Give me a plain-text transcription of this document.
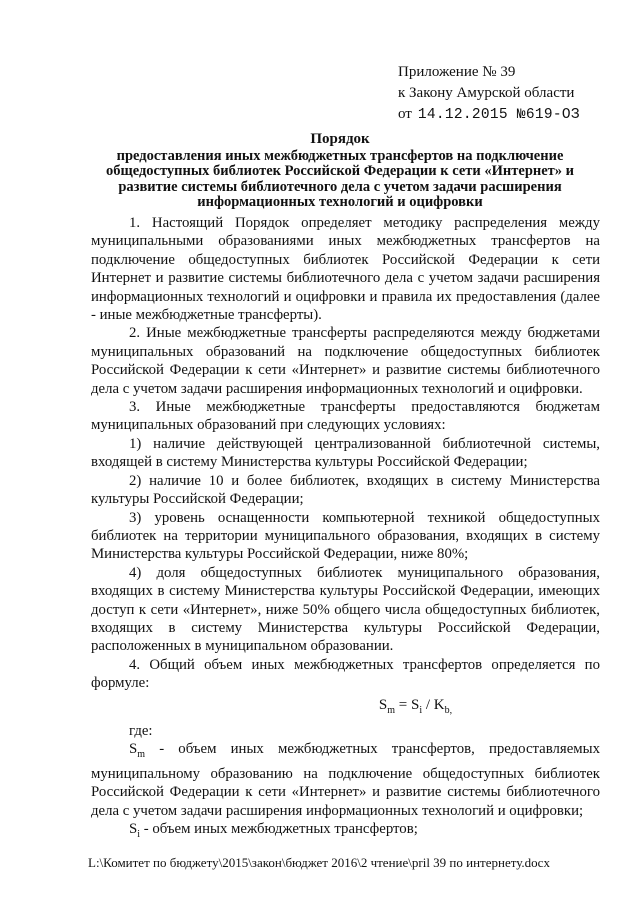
Приложение № 39
к Закону Амурской области
от 14.12.2015 №619-ОЗ
Порядок
предоставления иных межбюджетных трансфертов на подключение
общедоступных библиотек Российской Федерации к сети «Интернет» и
развитие системы библиотечного дела с учетом задачи расширения
информационных технологий и оцифровки

1. Настоящий Порядок определяет методику распределения между муниципальными образованиями иных межбюджетных трансфертов на подключение общедоступных библиотек Российской Федерации к сети Интернет и развитие системы библиотечного дела с учетом задачи расширения информационных технологий и оцифровки и правила их предоставления (далее - иные межбюджетные трансферты).

2. Иные межбюджетные трансферты распределяются между бюджетами муниципальных образований на подключение общедоступных библиотек Российской Федерации к сети «Интернет» и развитие системы библиотечного дела с учетом задачи расширения информационных технологий и оцифровки.

3. Иные межбюджетные трансферты предоставляются бюджетам муниципальных образований при следующих условиях:

1) наличие действующей централизованной библиотечной системы, входящей в систему Министерства культуры Российской Федерации;

2) наличие 10 и более библиотек, входящих в систему Министерства культуры Российской Федерации;

3) уровень оснащенности компьютерной техникой общедоступных библиотек на территории муниципального образования, входящих в систему Министерства культуры Российской Федерации, ниже 80%;

4) доля общедоступных библиотек муниципального образования, входящих в систему Министерства культуры Российской Федерации, имеющих доступ к сети «Интернет», ниже 50% общего числа общедоступных библиотек, входящих в систему Министерства культуры Российской Федерации, расположенных в муниципальном образовании.

4. Общий объем иных межбюджетных трансфертов определяется по формуле:

$S_m = S_i / K_{b,}$

где:

$S_m$ - объем иных межбюджетных трансфертов, предоставляемых муниципальному образованию на подключение общедоступных библиотек Российской Федерации к сети «Интернет» и развитие системы библиотечного дела с учетом задачи расширения информационных технологий и оцифровки;

$S_i$ - объем иных межбюджетных трансфертов;

L:\Комитет по бюджету\2015\закон\бюджет 2016\2 чтение\pril 39 по интернету.docx
